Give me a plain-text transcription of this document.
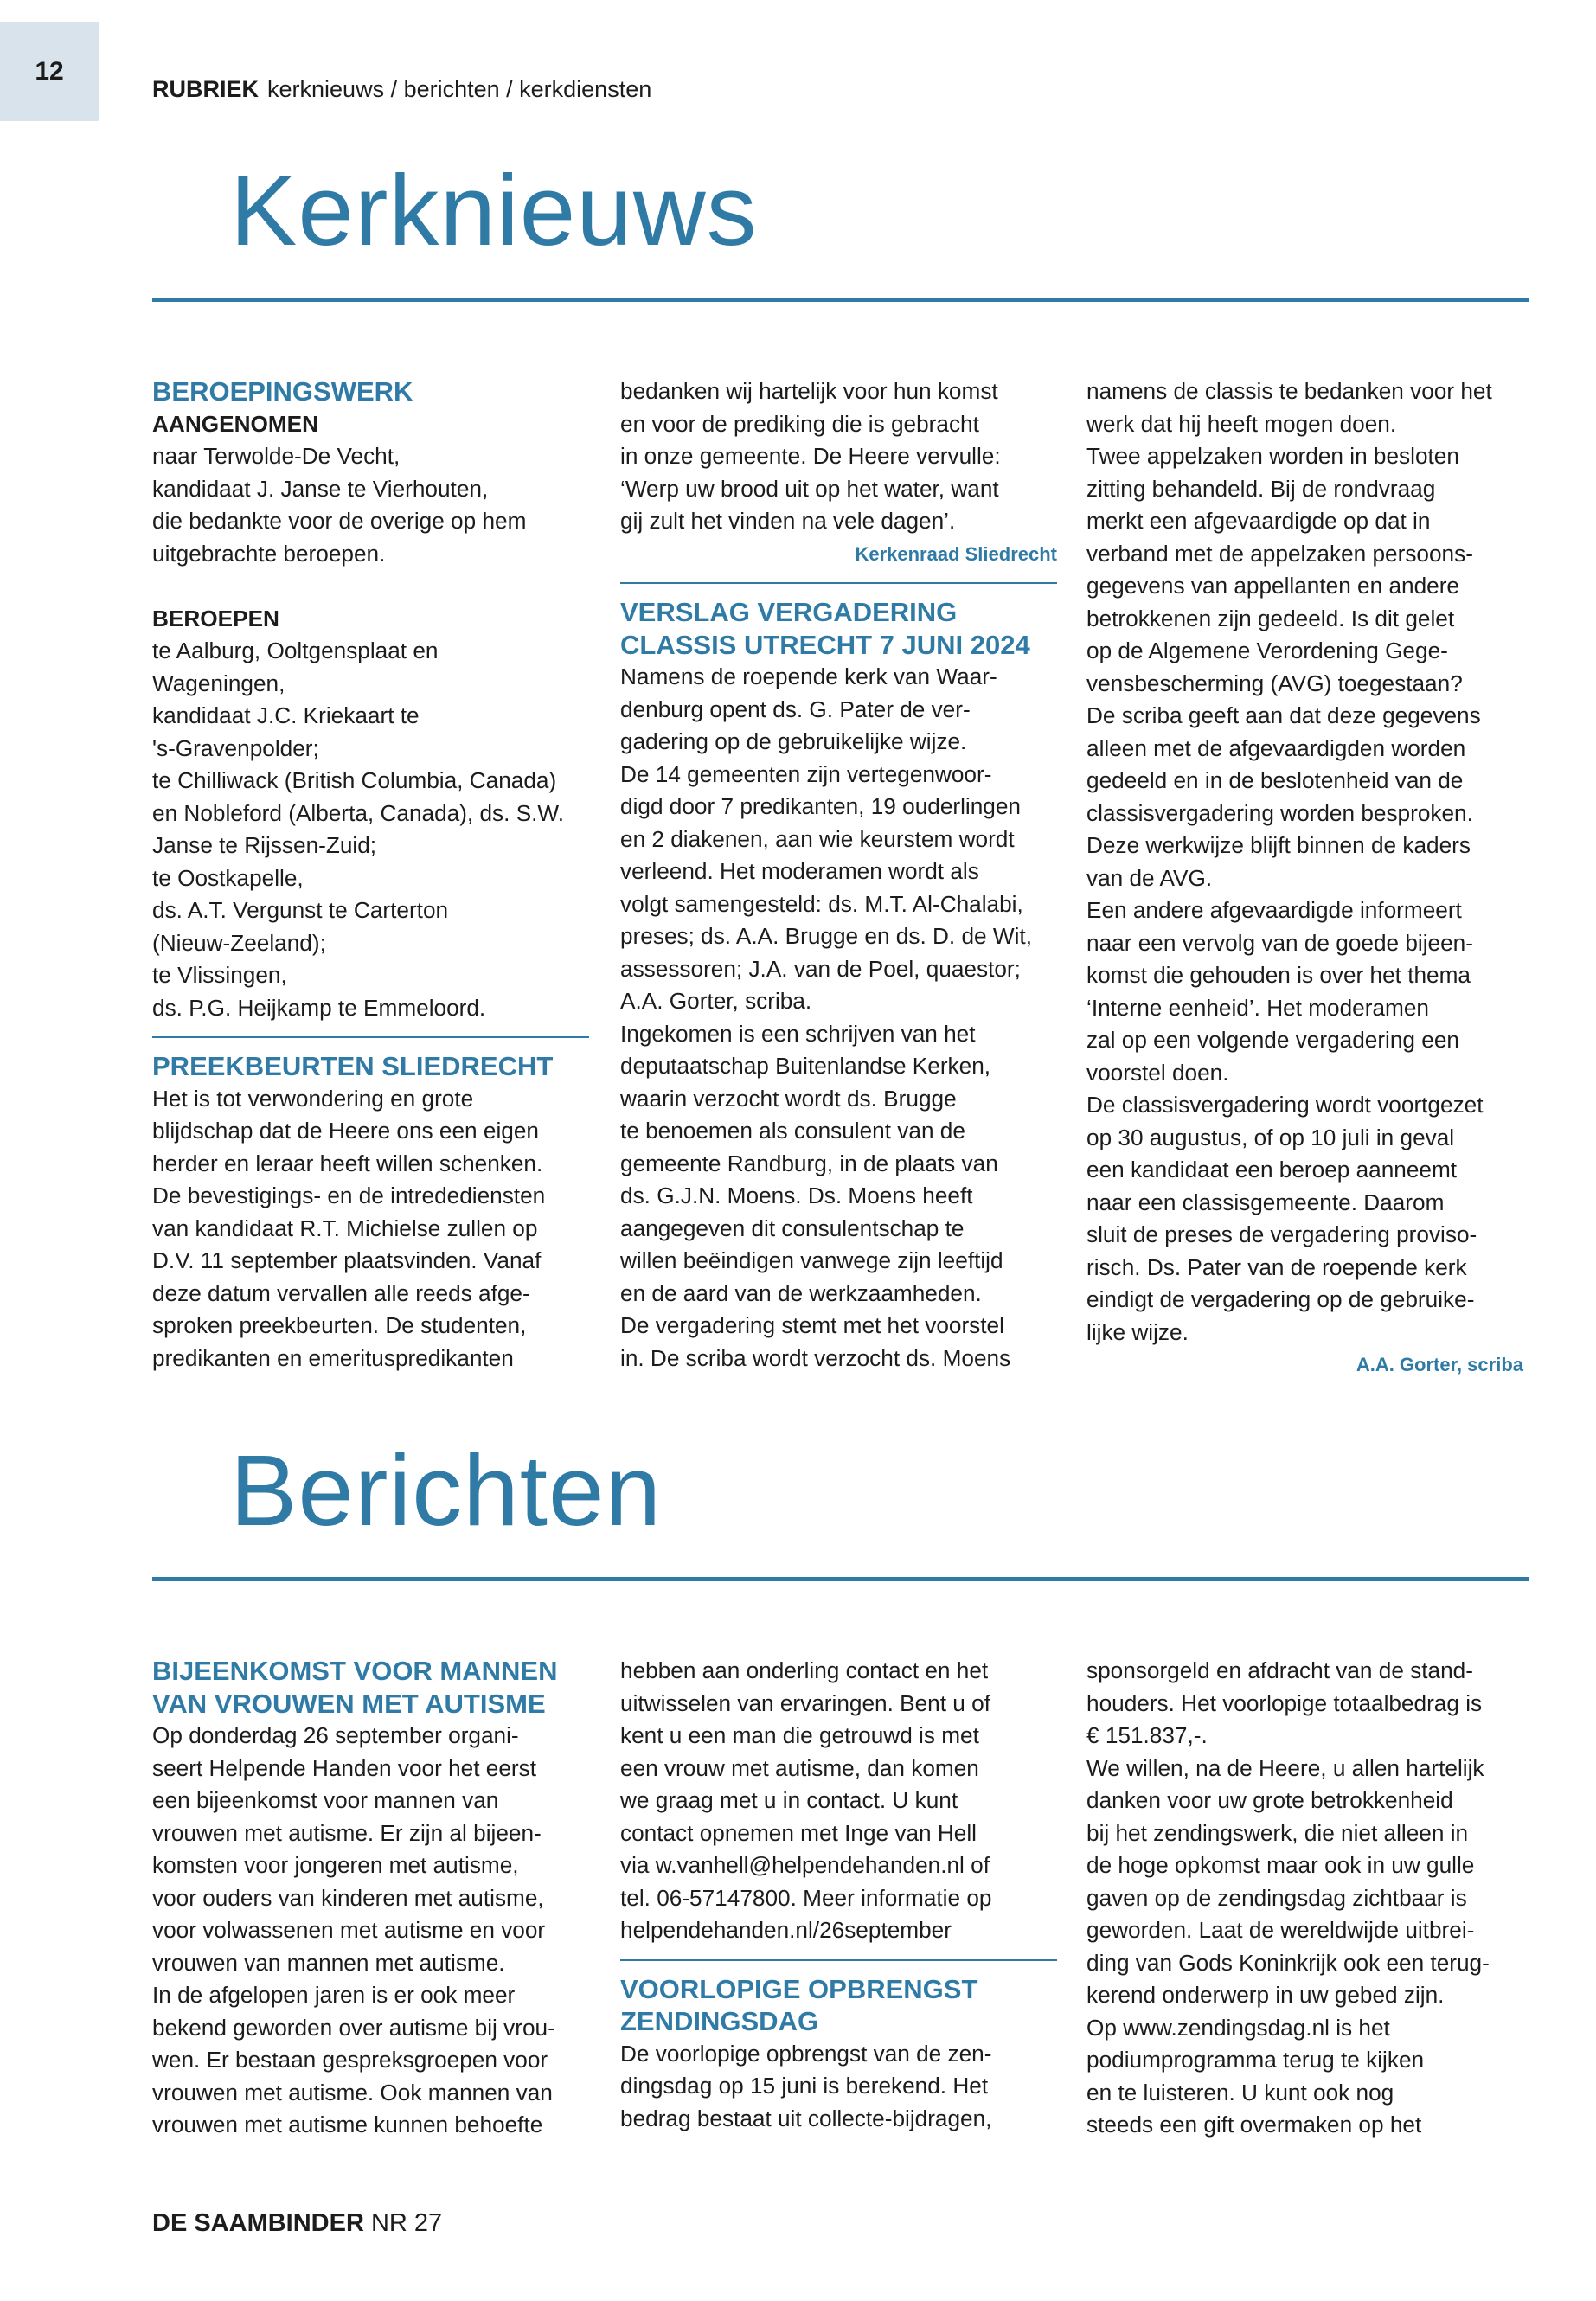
12
RUBRIEK kerknieuws / berichten / kerkdiensten
Kerknieuws

BEROEPINGSWERK

AANGENOMEN

naar Terwolde-De Vecht,

kandidaat J. Janse te Vierhouten,

die bedankte voor de overige op hem

uitgebrachte beroepen.

BEROEPEN

te Aalburg, Ooltgensplaat en

Wageningen,

kandidaat J.C. Kriekaart te

's-Gravenpolder;

te Chilliwack (British Columbia, Canada)

en Nobleford (Alberta, Canada), ds. S.W.

Janse te Rijssen-Zuid;

te Oostkapelle,

ds. A.T. Vergunst te Carterton

(Nieuw-Zeeland);

te Vlissingen,

ds. P.G. Heijkamp te Emmeloord.

PREEKBEURTEN SLIEDRECHT

Het is tot verwondering en grote

blijdschap dat de Heere ons een eigen

herder en leraar heeft willen schenken.

De bevestigings- en de intredediensten

van kandidaat R.T. Michielse zullen op

D.V. 11 september plaatsvinden. Vanaf

deze datum vervallen alle reeds afge-

sproken preekbeurten. De studenten,

predikanten en emerituspredikanten

bedanken wij hartelijk voor hun komst

en voor de prediking die is gebracht

in onze gemeente. De Heere vervulle:

‘Werp uw brood uit op het water, want

gij zult het vinden na vele dagen’.

Kerkenraad Sliedrecht

VERSLAG VERGADERING

CLASSIS UTRECHT 7 JUNI 2024

Namens de roepende kerk van Waar-

denburg opent ds. G. Pater de ver-

gadering op de gebruikelijke wijze.

De 14 gemeenten zijn vertegenwoor-

digd door 7 predikanten, 19 ouderlingen

en 2 diakenen, aan wie keurstem wordt

verleend. Het moderamen wordt als

volgt samengesteld: ds. M.T. Al-Chalabi,

preses; ds. A.A. Brugge en ds. D. de Wit,

assessoren; J.A. van de Poel, quaestor;

A.A. Gorter, scriba.

Ingekomen is een schrijven van het

deputaatschap Buitenlandse Kerken,

waarin verzocht wordt ds. Brugge

te benoemen als consulent van de

gemeente Randburg, in de plaats van

ds. G.J.N. Moens. Ds. Moens heeft

aangegeven dit consulentschap te

willen beëindigen vanwege zijn leeftijd

en de aard van de werkzaamheden.

De vergadering stemt met het voorstel

in. De scriba wordt verzocht ds. Moens

namens de classis te bedanken voor het

werk dat hij heeft mogen doen.

Twee appelzaken worden in besloten

zitting behandeld. Bij de rondvraag

merkt een afgevaardigde op dat in

verband met de appelzaken persoons-

gegevens van appellanten en andere

betrokkenen zijn gedeeld. Is dit gelet

op de Algemene Verordening Gege-

vensbescherming (AVG) toegestaan?

De scriba geeft aan dat deze gegevens

alleen met de afgevaardigden worden

gedeeld en in de beslotenheid van de

classisvergadering worden besproken.

Deze werkwijze blijft binnen de kaders

van de AVG.

Een andere afgevaardigde informeert

naar een vervolg van de goede bijeen-

komst die gehouden is over het thema

‘Interne eenheid’. Het moderamen

zal op een volgende vergadering een

voorstel doen.

De classisvergadering wordt voortgezet

op 30 augustus, of op 10 juli in geval

een kandidaat een beroep aanneemt

naar een classisgemeente. Daarom

sluit de preses de vergadering proviso-

risch. Ds. Pater van de roepende kerk

eindigt de vergadering op de gebruike-

lijke wijze.

A.A. Gorter, scriba

Berichten

BIJEENKOMST VOOR MANNEN

VAN VROUWEN MET AUTISME

Op donderdag 26 september organi-

seert Helpende Handen voor het eerst

een bijeenkomst voor mannen van

vrouwen met autisme. Er zijn al bijeen-

komsten voor jongeren met autisme,

voor ouders van kinderen met autisme,

voor volwassenen met autisme en voor

vrouwen van mannen met autisme.

In de afgelopen jaren is er ook meer

bekend geworden over autisme bij vrou-

wen. Er bestaan gespreksgroepen voor

vrouwen met autisme. Ook mannen van

vrouwen met autisme kunnen behoefte

hebben aan onderling contact en het

uitwisselen van ervaringen. Bent u of

kent u een man die getrouwd is met

een vrouw met autisme, dan komen

we graag met u in contact. U kunt

contact opnemen met Inge van Hell

via w.vanhell@helpendehanden.nl of

tel. 06-57147800. Meer informatie op

helpendehanden.nl/26september

VOORLOPIGE OPBRENGST

ZENDINGSDAG

De voorlopige opbrengst van de zen-

dingsdag op 15 juni is berekend. Het

bedrag bestaat uit collecte-bijdragen,

sponsorgeld en afdracht van de stand-

houders. Het voorlopige totaalbedrag is

€ 151.837,-.

We willen, na de Heere, u allen hartelijk

danken voor uw grote betrokkenheid

bij het zendingswerk, die niet alleen in

de hoge opkomst maar ook in uw gulle

gaven op de zendingsdag zichtbaar is

geworden. Laat de wereldwijde uitbrei-

ding van Gods Koninkrijk ook een terug-

kerend onderwerp in uw gebed zijn.

Op www.zendingsdag.nl is het

podiumprogramma terug te kijken

en te luisteren. U kunt ook nog

steeds een gift overmaken op het

DE SAAMBINDER NR 27
